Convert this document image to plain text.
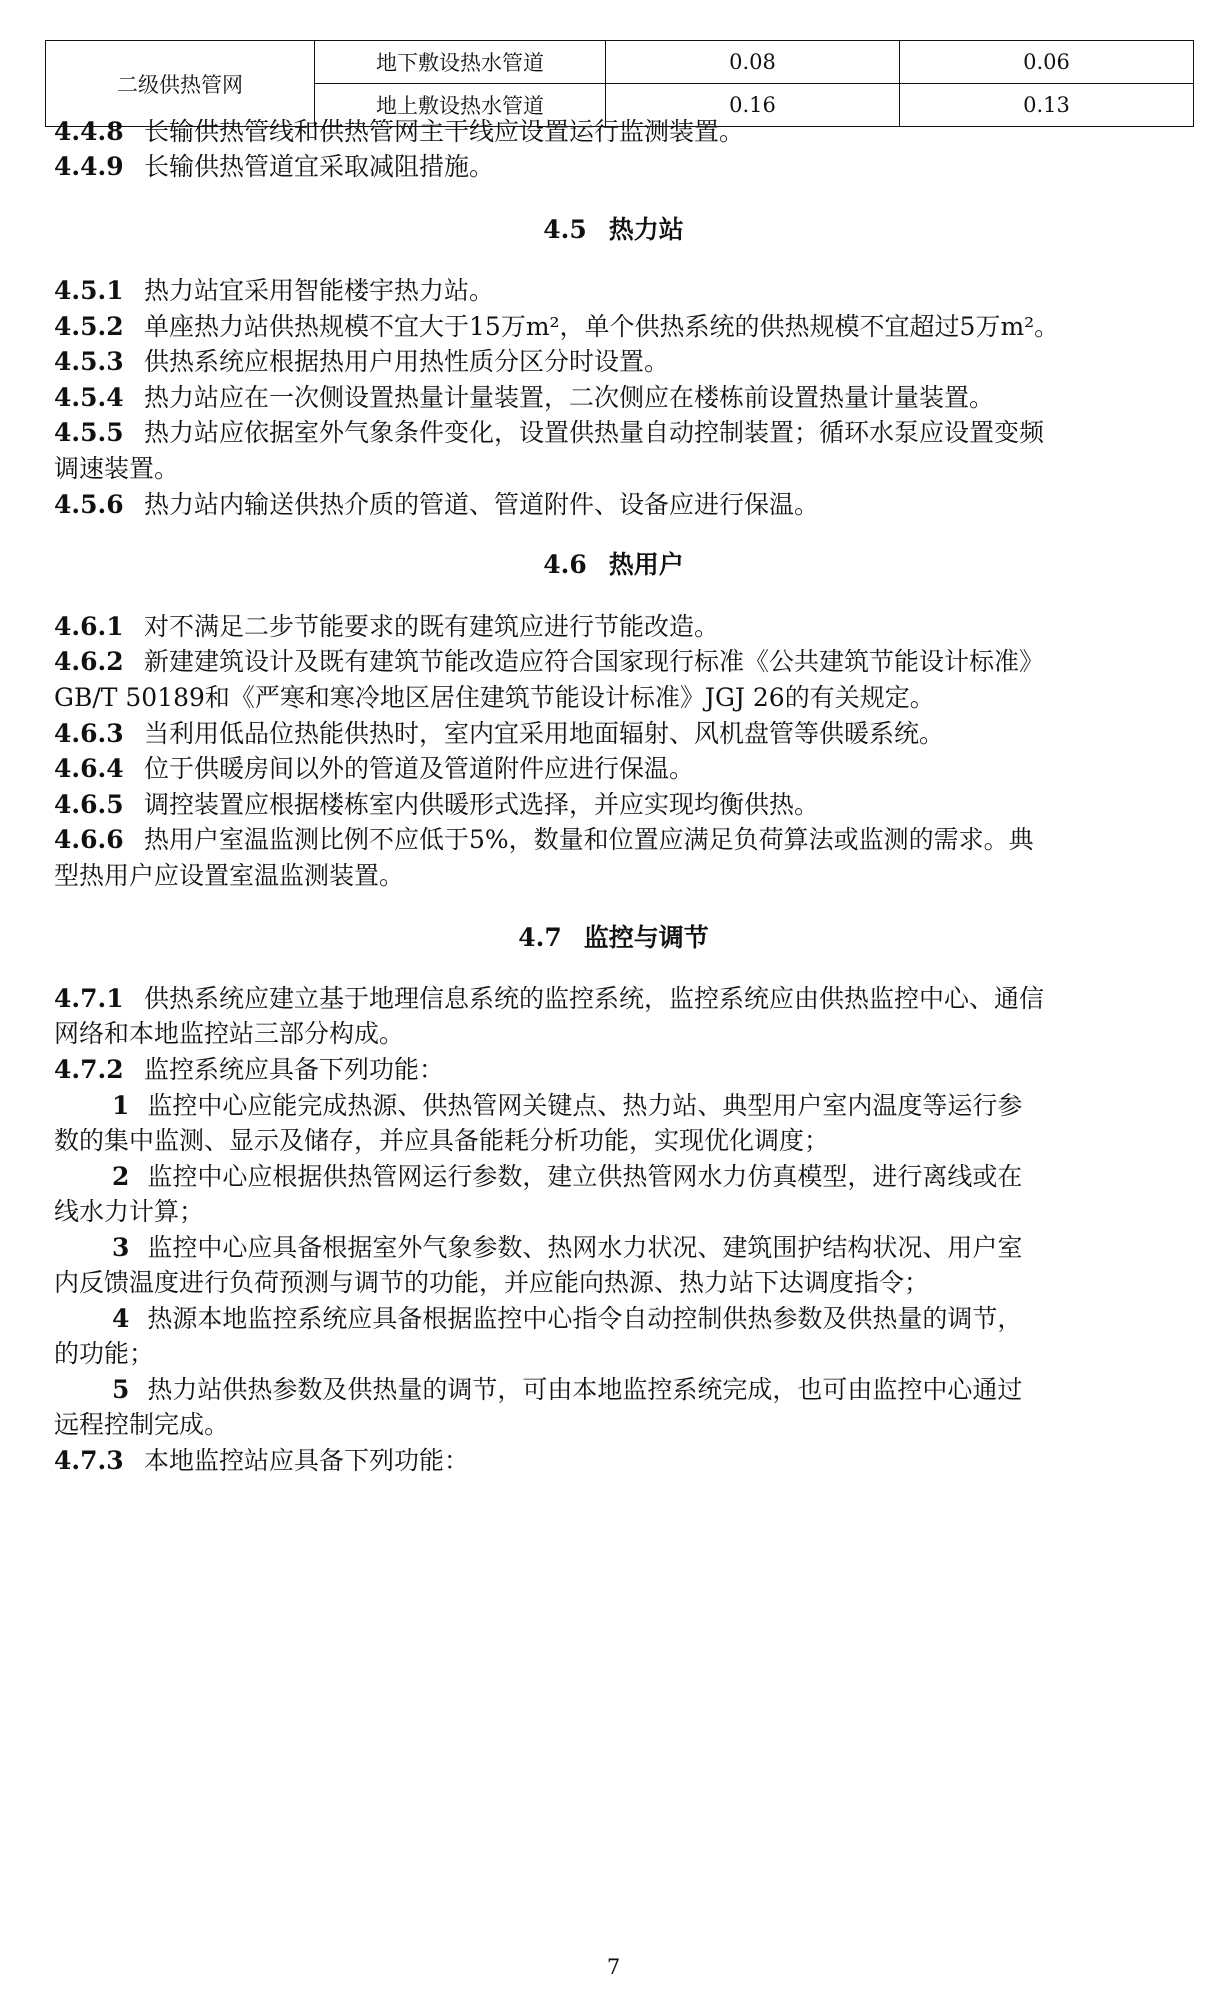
二级供热管网	地下敷设热水管道	0.08	0.06
	地上敷设热水管道	0.16	0.13
4.4.8 长输供热管线和供热管网主干线应设置运行监测装置。
4.4.9 长输供热管道宜采取减阻措施。
4.5 热力站
4.5.1 热力站宜采用智能楼宇热力站。
4.5.2 单座热力站供热规模不宜大于15万m²，单个供热系统的供热规模不宜超过5万m²。
4.5.3 供热系统应根据热用户用热性质分区分时设置。
4.5.4 热力站应在一次侧设置热量计量装置，二次侧应在楼栋前设置热量计量装置。
4.5.5 热力站应依据室外气象条件变化，设置供热量自动控制装置；循环水泵应设置变频
调速装置。
4.5.6 热力站内输送供热介质的管道、管道附件、设备应进行保温。
4.6 热用户
4.6.1 对不满足二步节能要求的既有建筑应进行节能改造。
4.6.2 新建建筑设计及既有建筑节能改造应符合国家现行标准《公共建筑节能设计标准》
GB/T 50189和《严寒和寒冷地区居住建筑节能设计标准》JGJ 26的有关规定。
4.6.3 当利用低品位热能供热时，室内宜采用地面辐射、风机盘管等供暖系统。
4.6.4 位于供暖房间以外的管道及管道附件应进行保温。
4.6.5 调控装置应根据楼栋室内供暖形式选择，并应实现均衡供热。
4.6.6 热用户室温监测比例不应低于5%，数量和位置应满足负荷算法或监测的需求。典
型热用户应设置室温监测装置。
4.7 监控与调节
4.7.1 供热系统应建立基于地理信息系统的监控系统，监控系统应由供热监控中心、通信
网络和本地监控站三部分构成。
4.7.2 监控系统应具备下列功能：
1 监控中心应能完成热源、供热管网关键点、热力站、典型用户室内温度等运行参
数的集中监测、显示及储存，并应具备能耗分析功能，实现优化调度；
2 监控中心应根据供热管网运行参数，建立供热管网水力仿真模型，进行离线或在
线水力计算；
3 监控中心应具备根据室外气象参数、热网水力状况、建筑围护结构状况、用户室
内反馈温度进行负荷预测与调节的功能，并应能向热源、热力站下达调度指令；
4 热源本地监控系统应具备根据监控中心指令自动控制供热参数及供热量的调节，
的功能；
5 热力站供热参数及供热量的调节，可由本地监控系统完成，也可由监控中心通过
远程控制完成。
4.7.3 本地监控站应具备下列功能：
7
